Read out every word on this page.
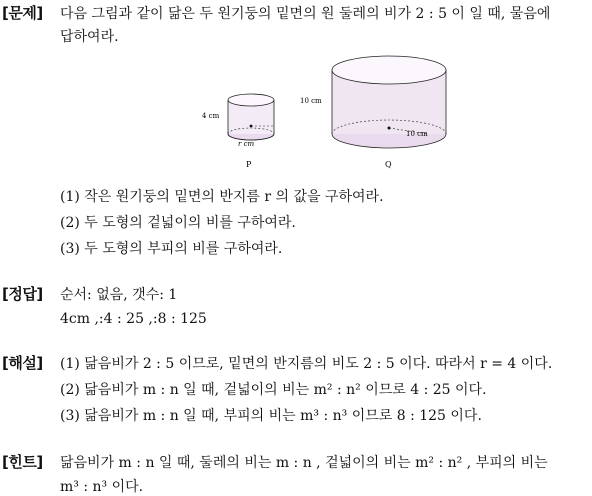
[문제] 다음 그림과 같이 닮은 두 원기둥의 밑면의 원 둘레의 비가 2 : 5 이 일 때, 물음에
답하여라.
4 cm
r cm
P
10 cm
10 cm
Q
(1) 작은 원기둥의 밑면의 반지름 r 의 값을 구하여라.
(2) 두 도형의 겉넓이의 비를 구하여라.
(3) 두 도형의 부피의 비를 구하여라.
[정답] 순서: 없음, 갯수: 1
4cm ,:4 : 25 ,:8 : 125
[해설] (1) 닮음비가 2 : 5 이므로, 밑면의 반지름의 비도 2 : 5 이다. 따라서 r = 4 이다.
(2) 닮음비가 m : n 일 때, 겉넓이의 비는 m² : n² 이므로 4 : 25 이다.
(3) 닮음비가 m : n 일 때, 부피의 비는 m³ : n³ 이므로 8 : 125 이다.
[힌트] 닮음비가 m : n 일 때, 둘레의 비는 m : n , 겉넓이의 비는 m² : n² , 부피의 비는
m³ : n³ 이다.
